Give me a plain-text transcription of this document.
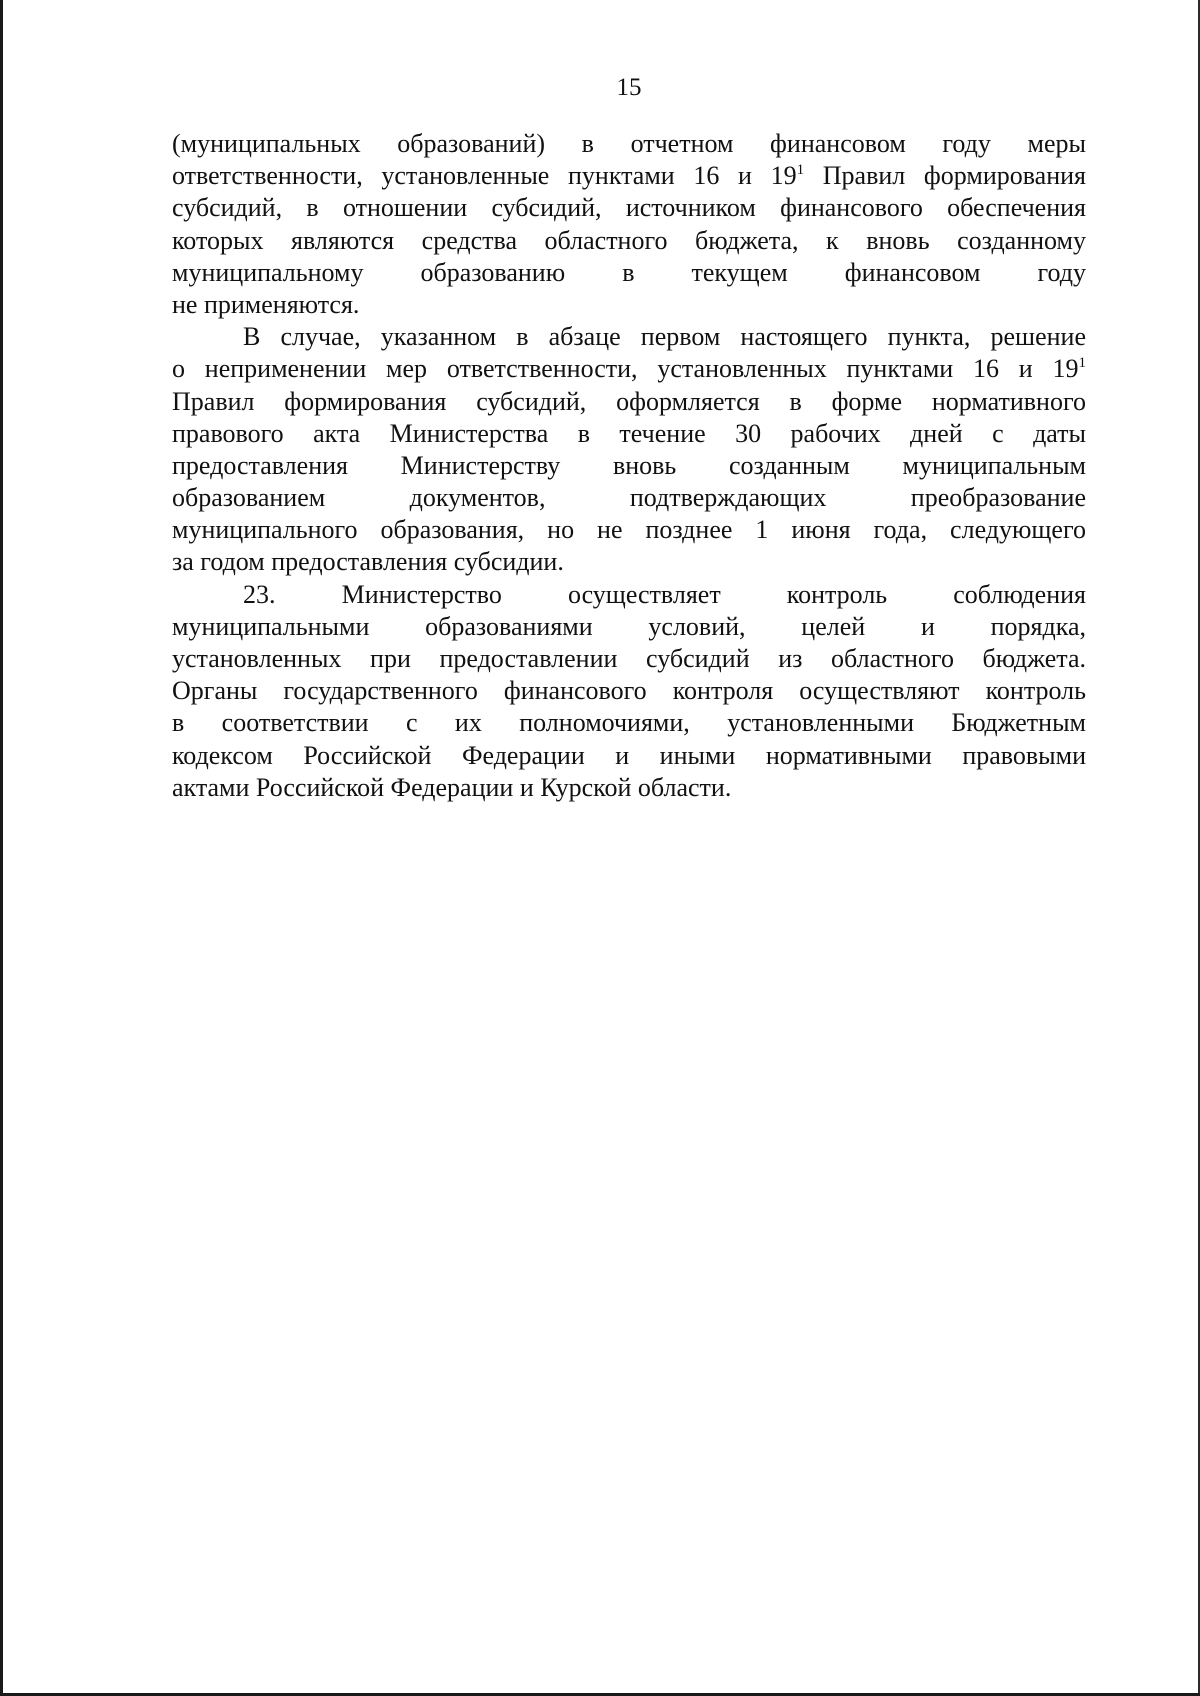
15
(муниципальных образований) в отчетном финансовом году меры
ответственности, установленные пунктами 16 и $19^1$ Правил формирования
субсидий, в отношении субсидий, источником финансового обеспечения
которых являются средства областного бюджета, к вновь созданному
муниципальному образованию в текущем финансовом году
не применяются.
В случае, указанном в абзаце первом настоящего пункта, решение
о неприменении мер ответственности, установленных пунктами 16 и $19^1$
Правил формирования субсидий, оформляется в форме нормативного
правового акта Министерства в течение 30 рабочих дней с даты
предоставления Министерству вновь созданным муниципальным
образованием документов, подтверждающих преобразование
муниципального образования, но не позднее 1 июня года, следующего
за годом предоставления субсидии.
23. Министерство осуществляет контроль соблюдения
муниципальными образованиями условий, целей и порядка,
установленных при предоставлении субсидий из областного бюджета.
Органы государственного финансового контроля осуществляют контроль
в соответствии с их полномочиями, установленными Бюджетным
кодексом Российской Федерации и иными нормативными правовыми
актами Российской Федерации и Курской области.
